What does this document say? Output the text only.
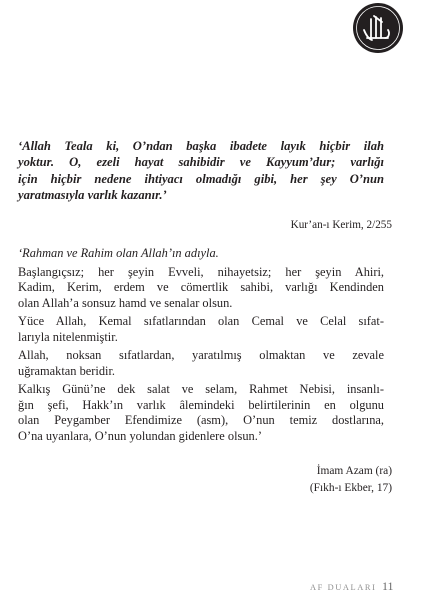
‘Allah Teala ki, O’ndan başka ibadete layık hiçbir ilah
yoktur. O, ezeli hayat sahibidir ve Kayyum’dur; varlığı
için hiçbir nedene ihtiyacı olmadığı gibi, her şey O’nun
yaratmasıyla varlık kazanır.’
Kur’an-ı Kerim, 2/255
‘Rahman ve Rahim olan Allah’ın adıyla.
Başlangıçsız; her şeyin Evveli, nihayetsiz; her şeyin Ahiri,
Kadim, Kerim, erdem ve cömertlik sahibi, varlığı Kendinden
olan Allah’a sonsuz hamd ve senalar olsun.
Yüce Allah, Kemal sıfatlarından olan Cemal ve Celal sıfat-
larıyla nitelenmiştir.
Allah, noksan sıfatlardan, yaratılmış olmaktan ve zevale
uğramaktan beridir.
Kalkış Günü’ne dek salat ve selam, Rahmet Nebisi, insanlı-
ğın şefi, Hakk’ın varlık âlemindeki belirtilerinin en olgunu
olan Peygamber Efendimize (asm), O’nun temiz dostlarına,
O’na uyanlara, O’nun yolundan gidenlere olsun.’
İmam Azam (ra)
(Fıkh-ı Ekber, 17)
AF DUALARI 11
